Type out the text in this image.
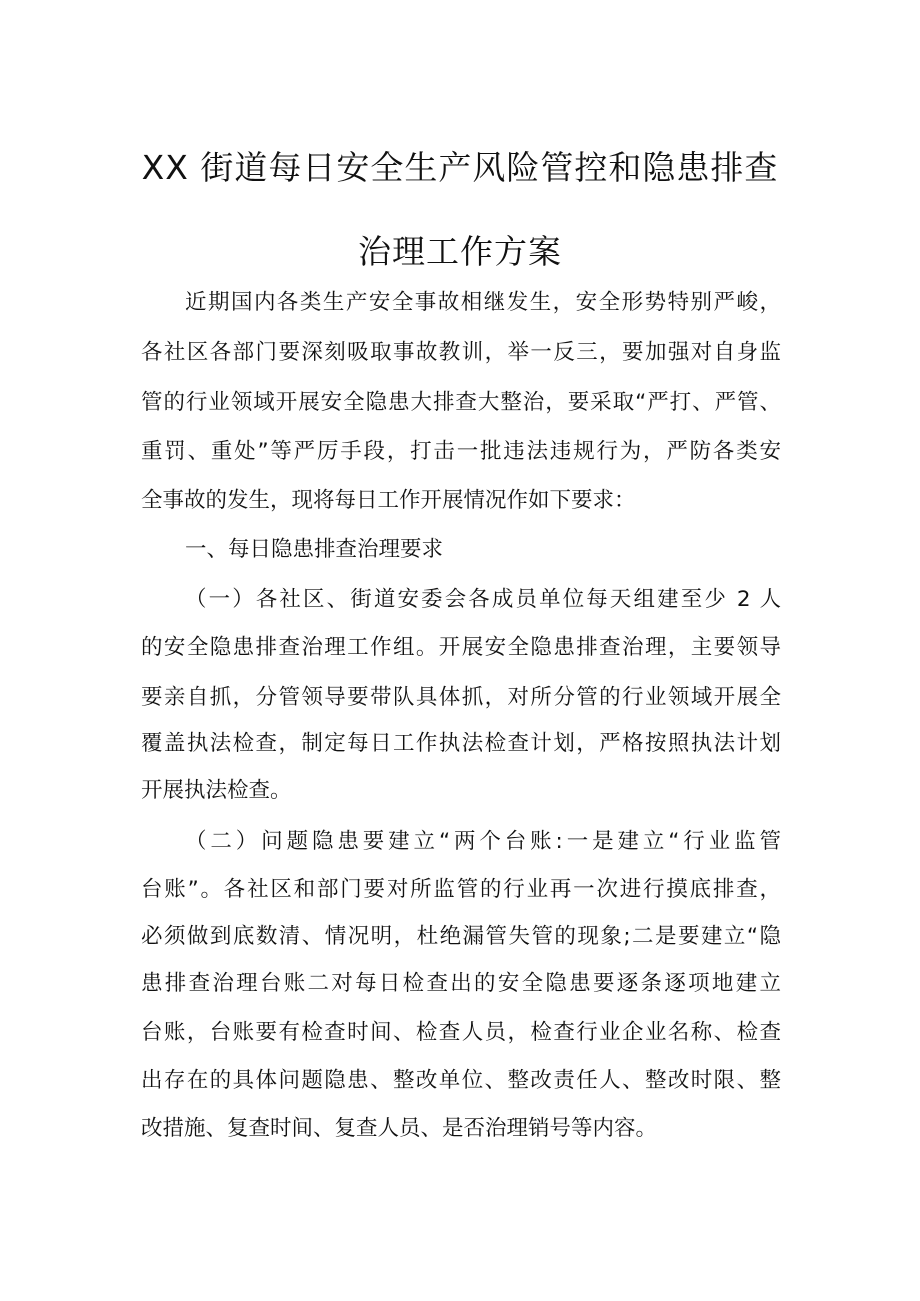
XX 街道每日安全生产风险管控和隐患排查
治理工作方案

近期国内各类生产安全事故相继发生，安全形势特别严峻，

各社区各部门要深刻吸取事故教训，举一反三，要加强对自身监

管的行业领域开展安全隐患大排查大整治，要采取“严打、严管、

重罚、重处”等严厉手段，打击一批违法违规行为，严防各类安

全事故的发生，现将每日工作开展情况作如下要求：

一、每日隐患排查治理要求

（一）各社区、街道安委会各成员单位每天组建至少 2 人

的安全隐患排查治理工作组。开展安全隐患排查治理，主要领导

要亲自抓，分管领导要带队具体抓，对所分管的行业领域开展全

覆盖执法检查，制定每日工作执法检查计划，严格按照执法计划

开展执法检查。

（二）问题隐患要建立“两个台账:一是建立“行业监管

台账”。各社区和部门要对所监管的行业再一次进行摸底排查，

必须做到底数清、情况明，杜绝漏管失管的现象;二是要建立“隐

患排查治理台账二对每日检查出的安全隐患要逐条逐项地建立

台账，台账要有检查时间、检查人员，检查行业企业名称、检查

出存在的具体问题隐患、整改单位、整改责任人、整改时限、整

改措施、复查时间、复查人员、是否治理销号等内容。
